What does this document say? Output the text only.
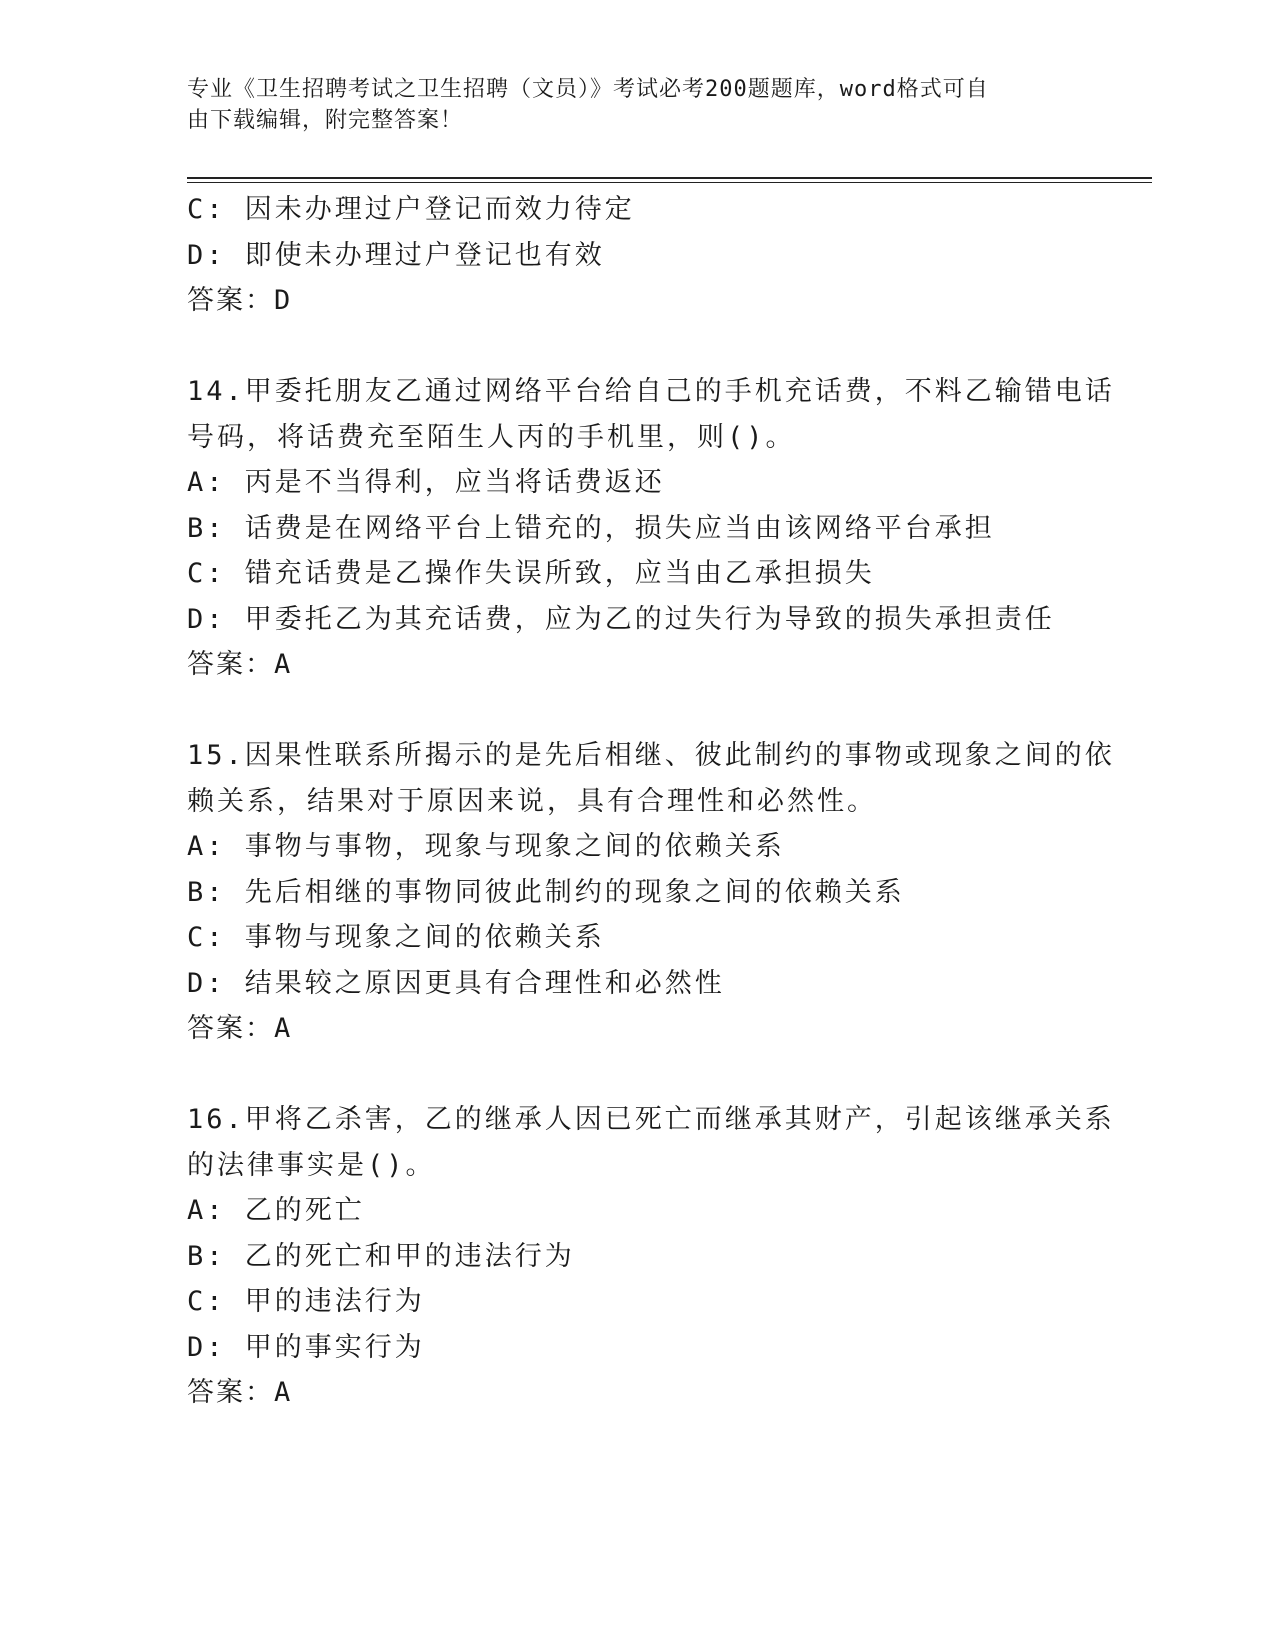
专业《卫生招聘考试之卫生招聘（文员）》考试必考200题题库，word格式可自
由下载编辑，附完整答案！
C: 因未办理过户登记而效力待定
D: 即使未办理过户登记也有效
答案：D
14.甲委托朋友乙通过网络平台给自己的手机充话费，不料乙输错电话
号码，将话费充至陌生人丙的手机里，则()。
A: 丙是不当得利，应当将话费返还
B: 话费是在网络平台上错充的，损失应当由该网络平台承担
C: 错充话费是乙操作失误所致，应当由乙承担损失
D: 甲委托乙为其充话费，应为乙的过失行为导致的损失承担责任
答案：A
15.因果性联系所揭示的是先后相继、彼此制约的事物或现象之间的依
赖关系，结果对于原因来说，具有合理性和必然性。
A: 事物与事物，现象与现象之间的依赖关系
B: 先后相继的事物同彼此制约的现象之间的依赖关系
C: 事物与现象之间的依赖关系
D: 结果较之原因更具有合理性和必然性
答案：A
16.甲将乙杀害，乙的继承人因已死亡而继承其财产，引起该继承关系
的法律事实是()。
A: 乙的死亡
B: 乙的死亡和甲的违法行为
C: 甲的违法行为
D: 甲的事实行为
答案：A
